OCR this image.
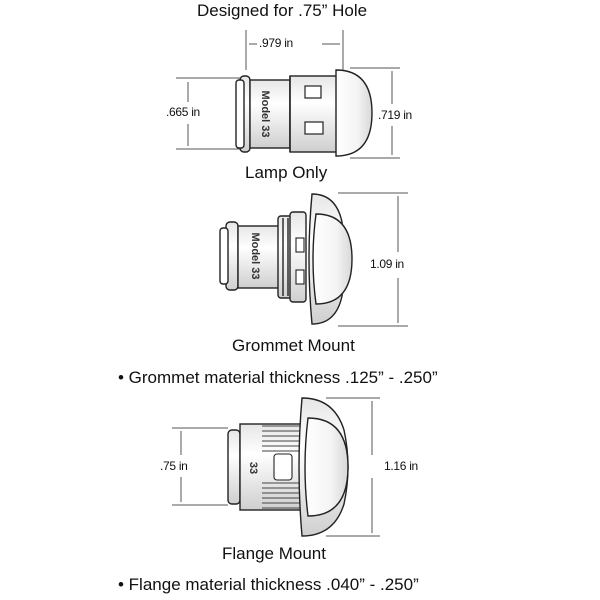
Designed for .75” Hole
.979 in
.665 in	.719 in
Lamp Only
1.09 in
Grommet Mount
• Grommet material thickness .125” - .250”
.75 in	1.16 in
Flange Mount
• Flange material thickness .040” - .250”
Model 33
Model 33
33
